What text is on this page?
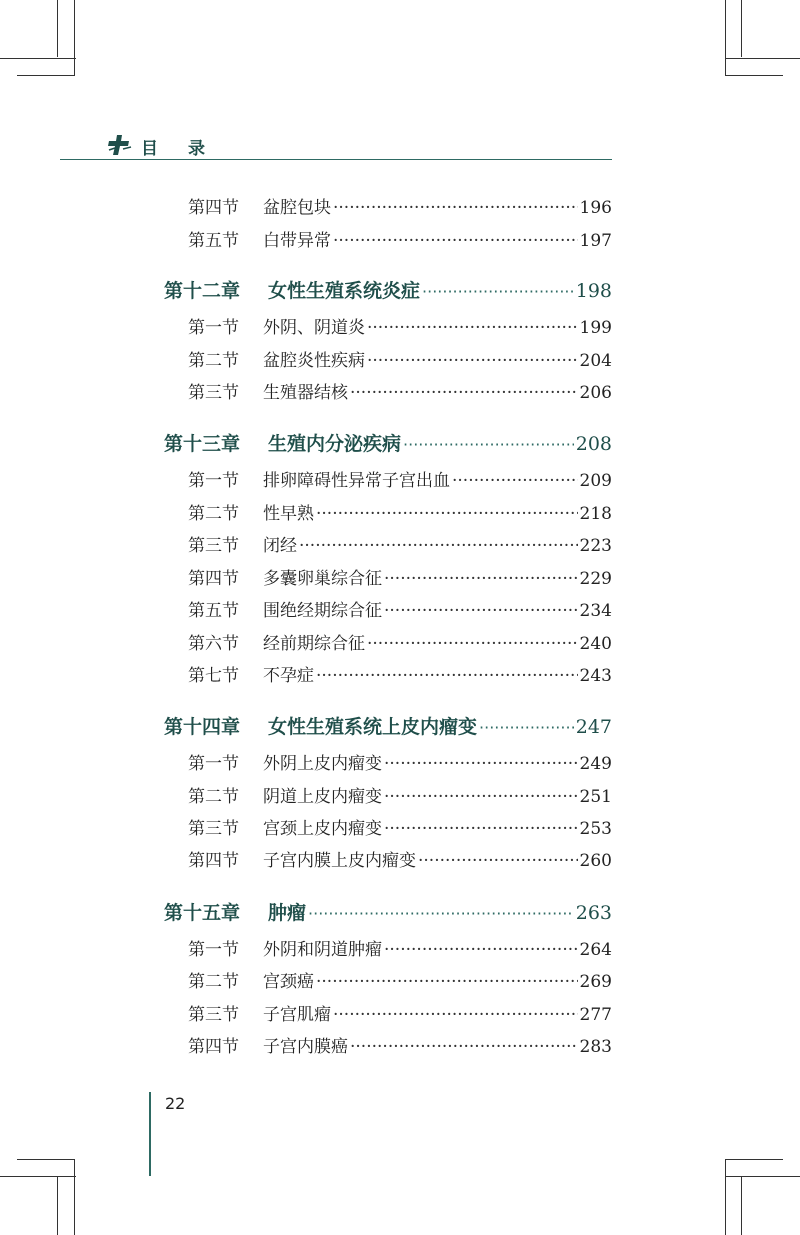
目 录
第四节	盆腔包块 ·····	196
第五节	白带异常 ·····	197
第十二章	女性生殖系统炎症 ·····	198
第一节	外阴、阴道炎 ·····	199
第二节	盆腔炎性疾病 ·····	204
第三节	生殖器结核 ·····	206
第十三章	生殖内分泌疾病 ·····	208
第一节	排卵障碍性异常子宫出血 ·····	209
第二节	性早熟 ·····	218
第三节	闭经 ·····	223
第四节	多囊卵巢综合征 ·····	229
第五节	围绝经期综合征 ·····	234
第六节	经前期综合征 ·····	240
第七节	不孕症 ·····	243
第十四章	女性生殖系统上皮内瘤变 ·····	247
第一节	外阴上皮内瘤变 ·····	249
第二节	阴道上皮内瘤变 ·····	251
第三节	宫颈上皮内瘤变 ·····	253
第四节	子宫内膜上皮内瘤变 ·····	260
第十五章	肿瘤 ·····	263
第一节	外阴和阴道肿瘤 ·····	264
第二节	宫颈癌 ·····	269
第三节	子宫肌瘤 ·····	277
第四节	子宫内膜癌 ·····	283
22
